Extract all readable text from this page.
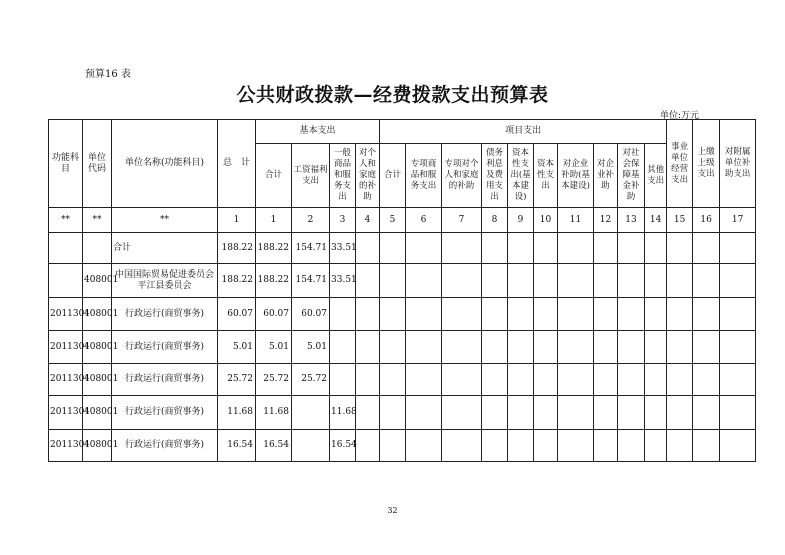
预算16 表
公共财政拨款—经费拨款支出预算表
单位:万元
功能科目	单位代码	单位名称(功能科目)	总　计	基本支出				项目支出										事业单位经营支出	上缴上级支出	对附属单位补助支出
				合计	工资福利支出	一般商品和服务支出	对个人和家庭的补助	合计	专项商品和服务支出	专项对个人和家庭的补助	债务利息及费用支出	资本性支出(基本建设)	资本性支出	对企业补助(基本建设)	对企业补助	对社会保障基金补助	其他支出			
**	**	**	1	1	2	3	4	5	6	7	8	9	10	11	12	13	14	15	16	17
		合计	188.22	188.22	154.71	33.51														
	408001	中国国际贸易促进委员会平江县委员会	188.22	188.22	154.71	33.51														
2011301	408001	行政运行(商贸事务)	60.07	60.07	60.07															
2011301	408001	行政运行(商贸事务)	5.01	5.01	5.01															
2011301	408001	行政运行(商贸事务)	25.72	25.72	25.72															
2011301	408001	行政运行(商贸事务)	11.68	11.68		11.68														
2011301	408001	行政运行(商贸事务)	16.54	16.54		16.54														
32
